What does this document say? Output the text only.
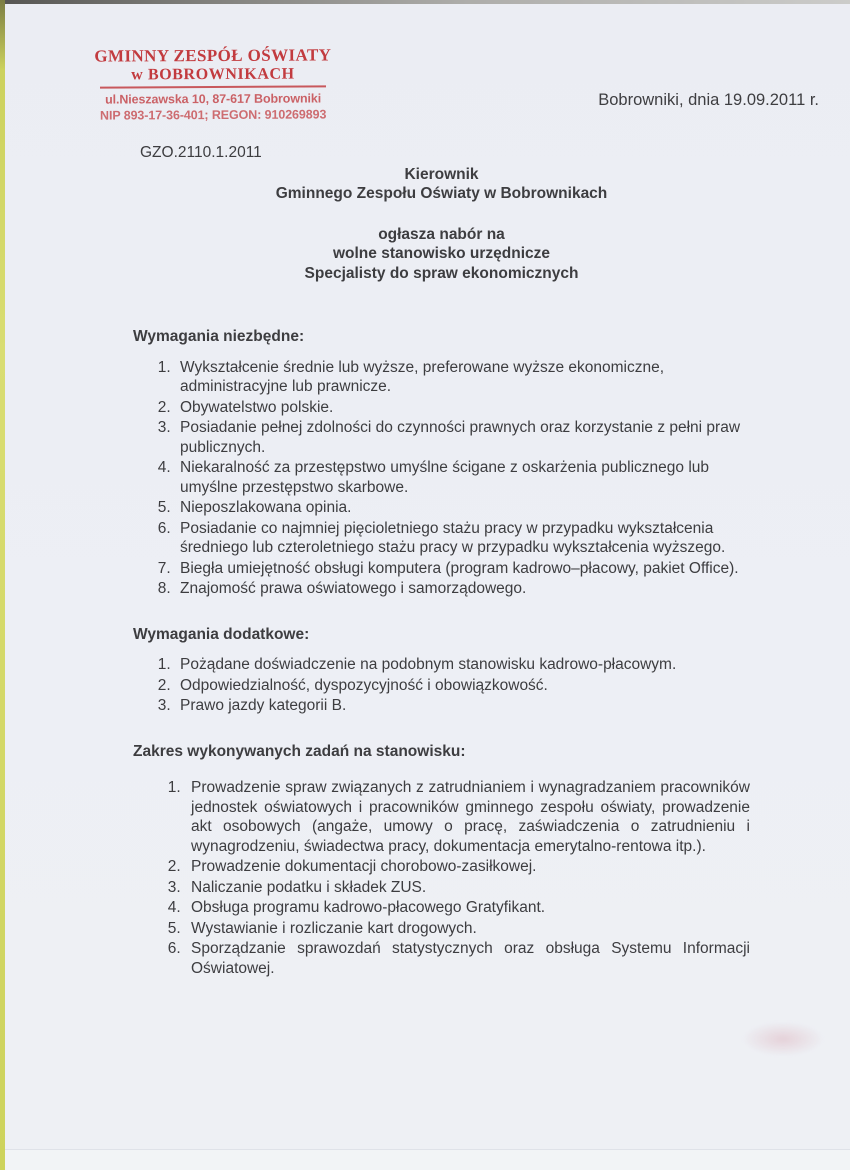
GMINNY ZESPÓŁ OŚWIATY
w BOBROWNIKACH
ul.Nieszawska 10, 87-617 Bobrowniki
NIP 893-17-36-401; REGON: 910269893
Bobrowniki, dnia 19.09.2011 r.
GZO.2110.1.2011
Kierownik
Gminnego Zespołu Oświaty w Bobrownikach
ogłasza nabór na
wolne stanowisko urzędnicze
Specjalisty do spraw ekonomicznych
Wymagania niezbędne:
1. Wykształcenie średnie lub wyższe, preferowane wyższe ekonomiczne, administracyjne lub prawnicze.
2. Obywatelstwo polskie.
3. Posiadanie pełnej zdolności do czynności prawnych oraz korzystanie z pełni praw publicznych.
4. Niekaralność za przestępstwo umyślne ścigane z oskarżenia publicznego lub umyślne przestępstwo skarbowe.
5. Nieposzlakowana opinia.
6. Posiadanie co najmniej pięcioletniego stażu pracy w przypadku wykształcenia średniego lub czteroletniego stażu pracy w przypadku wykształcenia wyższego.
7. Biegła umiejętność obsługi komputera (program kadrowo–płacowy, pakiet Office).
8. Znajomość prawa oświatowego i samorządowego.
Wymagania dodatkowe:
1. Pożądane doświadczenie na podobnym stanowisku kadrowo-płacowym.
2. Odpowiedzialność, dyspozycyjność i obowiązkowość.
3. Prawo jazdy kategorii B.
Zakres wykonywanych zadań na stanowisku:
1. Prowadzenie spraw związanych z zatrudnianiem i wynagradzaniem pracowników jednostek oświatowych i pracowników gminnego zespołu oświaty, prowadzenie akt osobowych (angaże, umowy o pracę, zaświadczenia o zatrudnieniu i wynagrodzeniu, świadectwa pracy, dokumentacja emerytalno-rentowa itp.).
2. Prowadzenie dokumentacji chorobowo-zasiłkowej.
3. Naliczanie podatku i składek ZUS.
4. Obsługa programu kadrowo-płacowego Gratyfikant.
5. Wystawianie i rozliczanie kart drogowych.
6. Sporządzanie sprawozdań statystycznych oraz obsługa Systemu Informacji Oświatowej.
